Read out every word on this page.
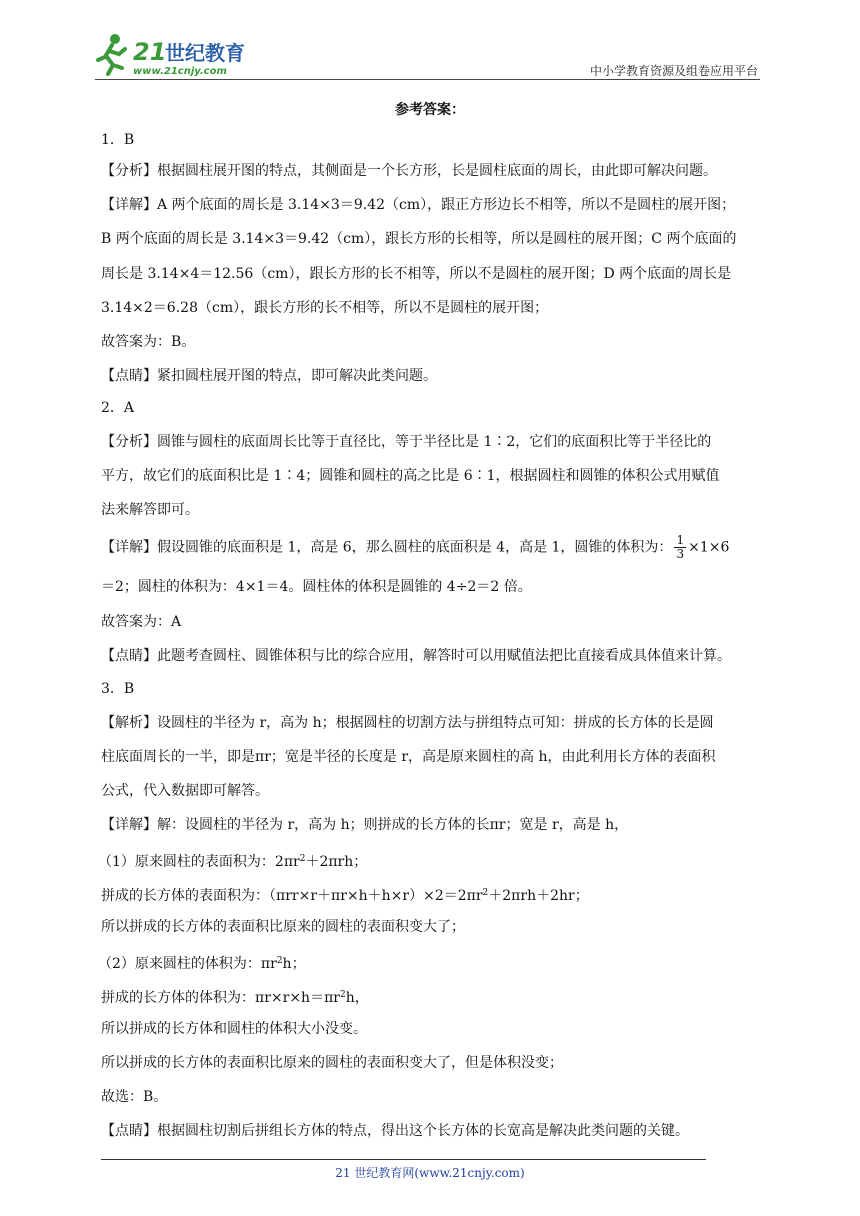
21
世纪教育
www.21cnjy.com	中小学教育资源及组卷应用平台
参考答案：
1．B
【分析】根据圆柱展开图的特点，其侧面是一个长方形，长是圆柱底面的周长，由此即可解决问题。
【详解】A 两个底面的周长是 3.14×3＝9.42（cm），跟正方形边长不相等，所以不是圆柱的展开图；
B 两个底面的周长是 3.14×3＝9.42（cm），跟长方形的长相等，所以是圆柱的展开图；C 两个底面的
周长是 3.14×4＝12.56（cm），跟长方形的长不相等，所以不是圆柱的展开图；D 两个底面的周长是
3.14×2＝6.28（cm），跟长方形的长不相等，所以不是圆柱的展开图；
故答案为：B。
【点睛】紧扣圆柱展开图的特点，即可解决此类问题。
2．A
【分析】圆锥与圆柱的底面周长比等于直径比，等于半径比是 1∶2，它们的底面积比等于半径比的
平方，故它们的底面积比是 1∶4；圆锥和圆柱的高之比是 6∶1，根据圆柱和圆锥的体积公式用赋值
法来解答即可。
【详解】假设圆锥的底面积是 1，高是 6，那么圆柱的底面积是 4，高是 1，圆锥的体积为： $\frac{1}{3} \times 1\times 6$
＝2；圆柱的体积为：4×1＝4。圆柱体的体积是圆锥的 4÷2＝2 倍。
故答案为：A
【点睛】此题考查圆柱、圆锥体积与比的综合应用，解答时可以用赋值法把比直接看成具体值来计算。
3．B
【解析】设圆柱的半径为 r，高为 h；根据圆柱的切割方法与拼组特点可知：拼成的长方体的长是圆
柱底面周长的一半，即是πr；宽是半径的长度是 r，高是原来圆柱的高 h，由此利用长方体的表面积
公式，代入数据即可解答。
【详解】解：设圆柱的半径为 r，高为 h；则拼成的长方体的长πr；宽是 r，高是 h，
（1）原来圆柱的表面积为：$2\pi r^2+2\pi rh$；
拼成的长方体的表面积为：$(\pi rr\times r+\pi r\times h+h\times r)\times 2=2\pi r^2+2\pi rh+2hr$；
所以拼成的长方体的表面积比原来的圆柱的表面积变大了；
（2）原来圆柱的体积为：$\pi r^2h$；
拼成的长方体的体积为：$\pi r\times r\times h=\pi r^2h$，
所以拼成的长方体和圆柱的体积大小没变。
所以拼成的长方体的表面积比原来的圆柱的表面积变大了，但是体积没变；
故选：B。
【点睛】根据圆柱切割后拼组长方体的特点，得出这个长方体的长宽高是解决此类问题的关键。
21 世纪教育网(www.21cnjy.com)
